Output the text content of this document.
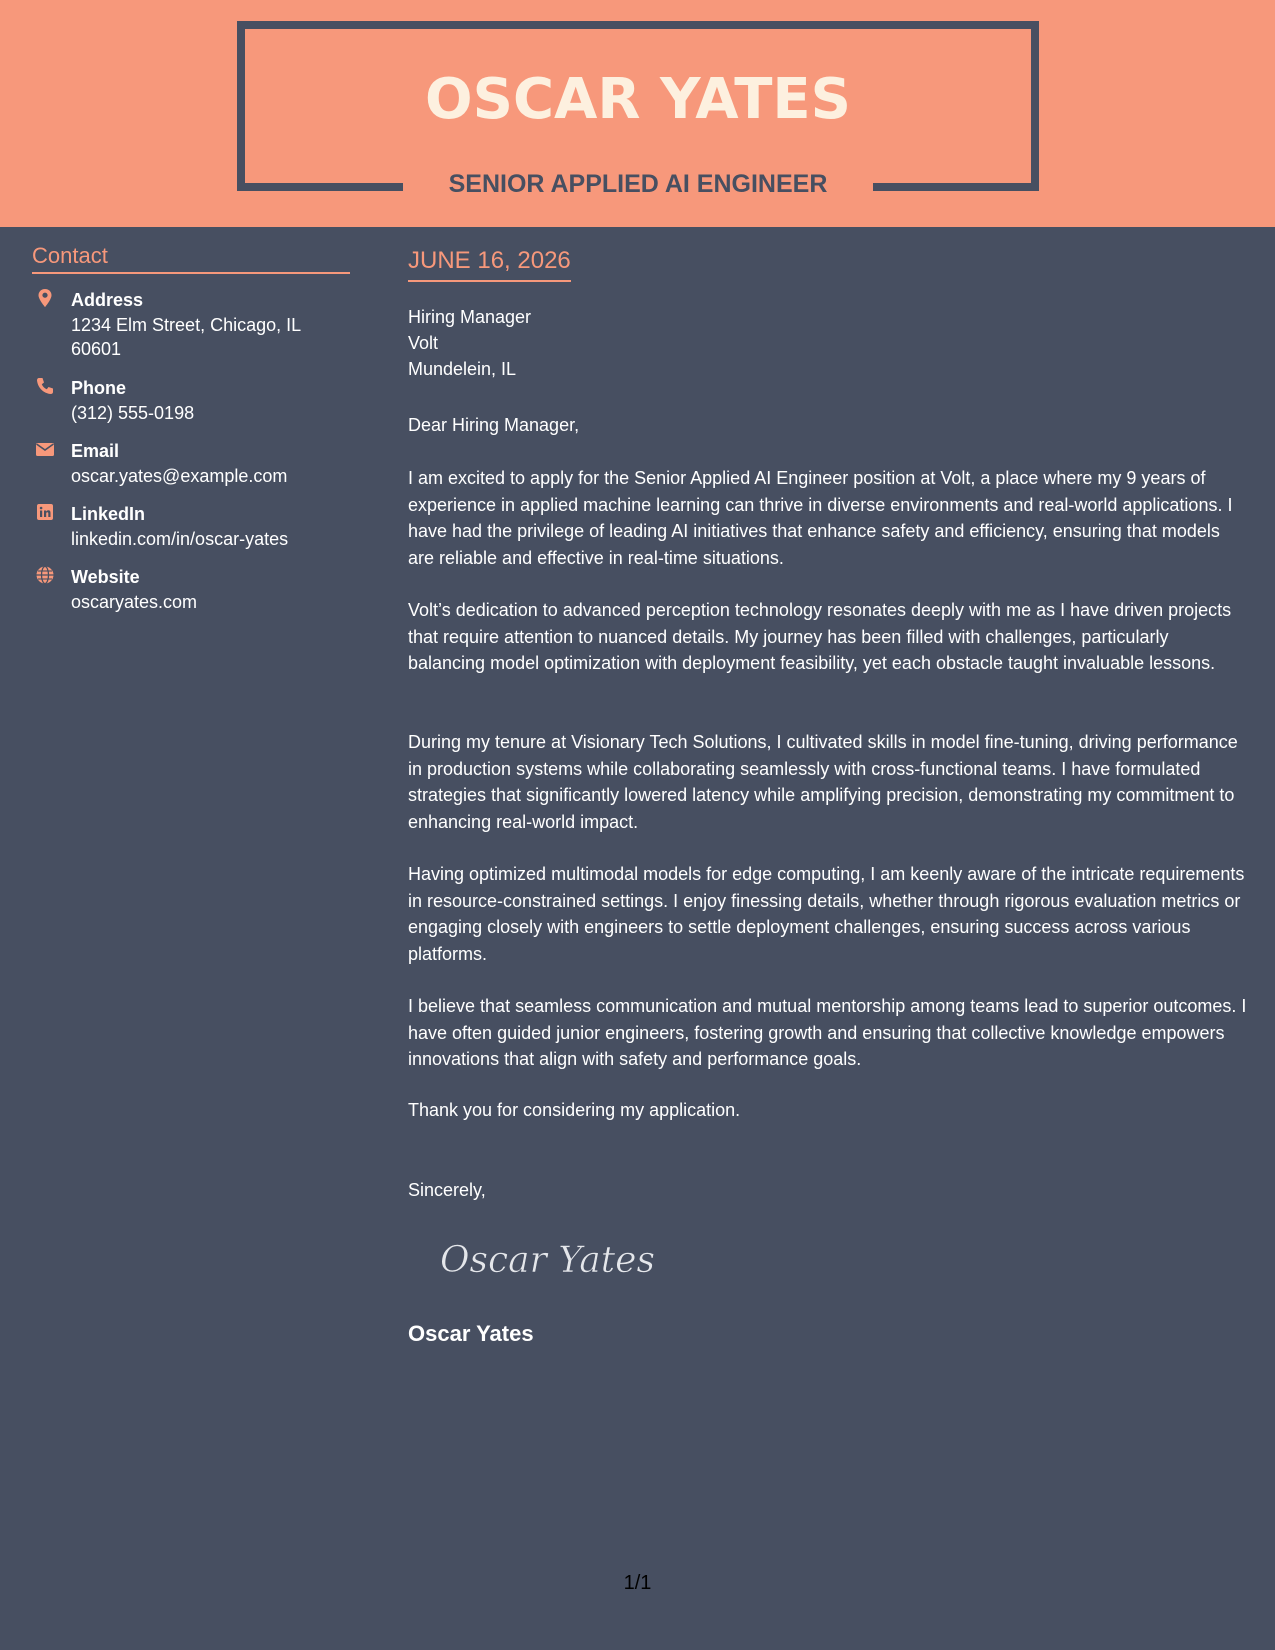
OSCAR YATES
SENIOR APPLIED AI ENGINEER
Contact
Address
1234 Elm Street, Chicago, IL 60601
Phone
(312) 555-0198
Email
oscar.yates@example.com
LinkedIn
linkedin.com/in/oscar-yates
Website
oscaryates.com
JUNE 16, 2026
Hiring Manager
Volt
Mundelein, IL

Dear Hiring Manager,

I am excited to apply for the Senior Applied AI Engineer position at Volt, a place where my 9 years of experience in applied machine learning can thrive in diverse environments and real-world applications. I have had the privilege of leading AI initiatives that enhance safety and efficiency, ensuring that models are reliable and effective in real-time situations.

Volt’s dedication to advanced perception technology resonates deeply with me as I have driven projects that require attention to nuanced details. My journey has been filled with challenges, particularly balancing model optimization with deployment feasibility, yet each obstacle taught invaluable lessons.

During my tenure at Visionary Tech Solutions, I cultivated skills in model fine-tuning, driving performance in production systems while collaborating seamlessly with cross-functional teams. I have formulated strategies that significantly lowered latency while amplifying precision, demonstrating my commitment to enhancing real-world impact.

Having optimized multimodal models for edge computing, I am keenly aware of the intricate requirements in resource-constrained settings. I enjoy finessing details, whether through rigorous evaluation metrics or engaging closely with engineers to settle deployment challenges, ensuring success across various platforms.

I believe that seamless communication and mutual mentorship among teams lead to superior outcomes. I have often guided junior engineers, fostering growth and ensuring that collective knowledge empowers innovations that align with safety and performance goals.

Thank you for considering my application.

Sincerely,

Oscar Yates
Oscar Yates
1/1
